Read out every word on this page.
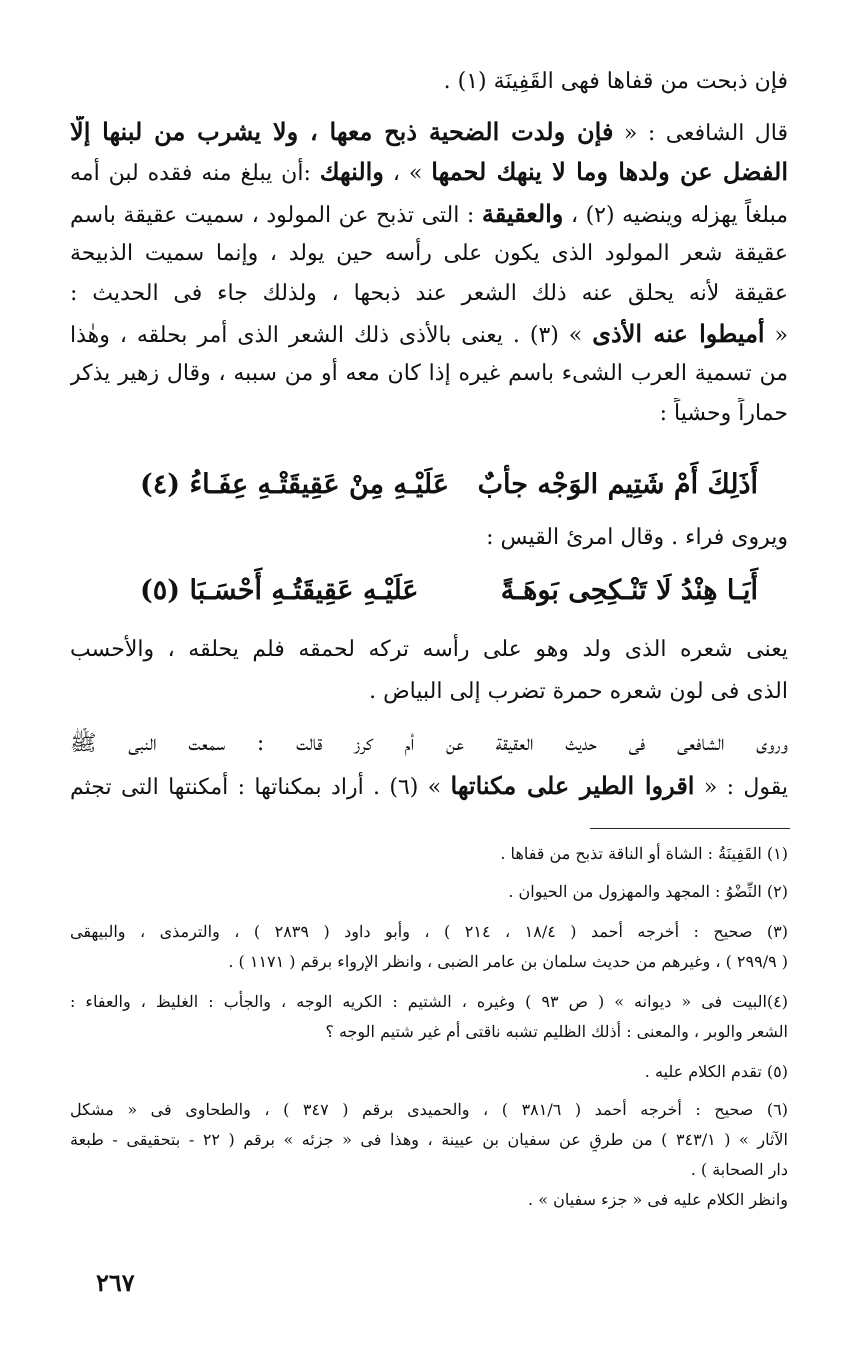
فإن ذبحت من قفاها فهى القَفِينَة (١) .
قال الشافعى : « فإن ولدت الضحية ذبح معها ، ولا يشرب من لبنها إلّا
الفضل عن ولدها وما لا ينهك لحمها » ، والنهك :أن يبلغ منه فقده لبن أمه
مبلغاً يهزله وينضيه (٢) ، والعقيقة : التى تذبح عن المولود ، سميت عقيقة باسم
عقيقة شعر المولود الذى يكون على رأسه حين يولد ، وإنما سميت الذبيحة
عقيقة لأنه يحلق عنه ذلك الشعر عند ذبحها ، ولذلك جاء فى الحديث :
« أميطوا عنه الأذى » (٣) . يعنى بالأذى ذلك الشعر الذى أمر بحلقه ، وهٰذا
من تسمية العرب الشىء باسم غيره إذا كان معه أو من سببه ، وقال زهير يذكر
حماراً وحشياً :
أَذَلِكَ أَمْ شَتِيم الوَجْه جأبٌ
عَلَيْـهِ مِنْ عَقِيقَتْـهِ عِفَـاءُ (٤)
ويروى فراء . وقال امرئ القيس :
أَيَـا هِنْدُ لَا تَنْـكِحِى بَوهَـةً
عَلَيْـهِ عَقِيقَتُـهِ أَحْسَـبَا (٥)
يعنى شعره الذى ولد وهو على رأسه تركه لحمقه فلم يحلقه ، والأحسب
الذى فى لون شعره حمرة تضرب إلى البياض .
وروى الشافعى فى حديث العقيقة عن أم كرز قالت : سمعت النبى ﷺ
يقول : « اقروا الطير على مكناتها » (٦) . أراد بمكناتها : أمكنتها التى تجثم
(١) القَفِينَةُ : الشاة أو الناقة تذبح من قفاها .
(٢) النِّضْوُ : المجهد والمهزول من الحيوان .
(٣) صحيح : أخرجه أحمد ( ١٨/٤ ، ٢١٤ ) ، وأبو داود ( ٢٨٣٩ ) ، والترمذى ، والبيهقى
( ٢٩٩/٩ ) ، وغيرهم من حديث سلمان بن عامر الضبى ، وانظر الإرواء برقم ( ١١٧١ ) .
(٤)البيت فى « ديوانه » ( ص ٩٣ ) وغيره ، الشتيم : الكريه الوجه ، والجأب : الغليظ ، والعفاء :
الشعر والوبر ، والمعنى : أذلك الظليم تشبه ناقتى أم غير شتيم الوجه ؟
(٥) تقدم الكلام عليه .
(٦) صحيح : أخرجه أحمد ( ٣٨١/٦ ) ، والحميدى برقم ( ٣٤٧ ) ، والطحاوى فى « مشكل
الآثار » ( ٣٤٣/١ ) من طرقٍ عن سفيان بن عيينة ، وهذا فى « جزئه » برقم ( ٢٢ - بتحقيقى - طبعة
دار الصحابة ) .
وانظر الكلام عليه فى « جزء سفيان » .
٢٦٧
